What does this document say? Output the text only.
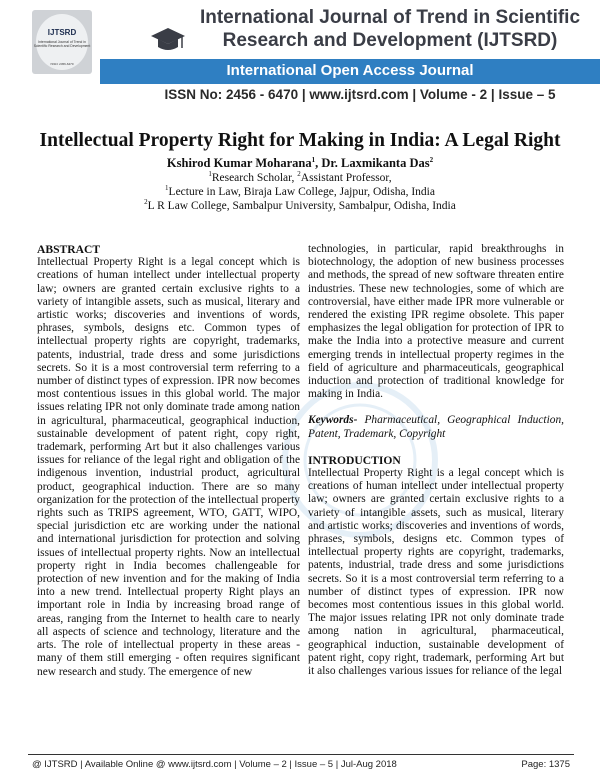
IJTSRD
International Journal of Trend in Scientific Research and Development
ISSN: 2456-6470
International Journal of Trend in Scientific
Research and Development (IJTSRD)
International Open Access Journal
ISSN No: 2456 - 6470 | www.ijtsrd.com | Volume - 2 | Issue – 5
Intellectual Property Right for Making in India: A Legal Right
Kshirod Kumar Moharana$^1$, Dr. Laxmikanta Das$^2$
$^1$Research Scholar, $^2$Assistant Professor,
$^1$Lecture in Law, Biraja Law College, Jajpur, Odisha, India
$^2$L R Law College, Sambalpur University, Sambalpur, Odisha, India

ABSTRACT

Intellectual Property Right is a legal concept which is creations of human intellect under intellectual property law; owners are granted certain exclusive rights to a variety of intangible assets, such as musical, literary and artistic works; discoveries and inventions of words, phrases, symbols, designs etc. Common types of intellectual property rights are copyright, trademarks, patents, industrial, trade dress and some jurisdictions secrets. So it is a most controversial term referring to a number of distinct types of expression. IPR now becomes most contentious issues in this global world. The major issues relating IPR not only dominate trade among nation in agricultural, pharmaceutical, geographical induction, sustainable development of patent right, copy right, trademark, performing Art but it also challenges various issues for reliance of the legal right and obligation of the indigenous invention, industrial product, agricultural product, geographical induction. There are so many organization for the protection of the intellectual property rights such as TRIPS agreement, WTO, GATT, WIPO, special jurisdiction etc are working under the national and international jurisdiction for protection and solving issues of intellectual property rights. Now an intellectual property right in India becomes challengeable for protection of new invention and for the making of India into a new trend. Intellectual property Right plays an important role in India by increasing broad range of areas, ranging from the Internet to health care to nearly all aspects of science and technology, literature and the arts. The role of intellectual property in these areas - many of them still emerging - often requires significant new research and study. The emergence of new

technologies, in particular, rapid breakthroughs in biotechnology, the adoption of new business processes and methods, the spread of new software threaten entire industries. These new technologies, some of which are controversial, have either made IPR more vulnerable or rendered the existing IPR regime obsolete. This paper emphasizes the legal obligation for protection of IPR to make the India into a protective measure and current emerging trends in intellectual property regimes in the field of agriculture and pharmaceuticals, geographical induction and protection of traditional knowledge for making in India.

Keywords- Pharmaceutical, Geographical Induction, Patent, Trademark, Copyright

INTRODUCTION

Intellectual Property Right is a legal concept which is creations of human intellect under intellectual property law; owners are granted certain exclusive rights to a variety of intangible assets, such as musical, literary and artistic works; discoveries and inventions of words, phrases, symbols, designs etc. Common types of intellectual property rights are copyright, trademarks, patents, industrial, trade dress and some jurisdictions secrets. So it is a most controversial term referring to a number of distinct types of expression. IPR now becomes most contentious issues in this global world. The major issues relating IPR not only dominate trade among nation in agricultural, pharmaceutical, geographical induction, sustainable development of patent right, copy right, trademark, performing Art but it also challenges various issues for reliance of the legal

@ IJTSRD | Available Online @ www.ijtsrd.com | Volume – 2 | Issue – 5 | Jul-Aug 2018	Page: 1375
